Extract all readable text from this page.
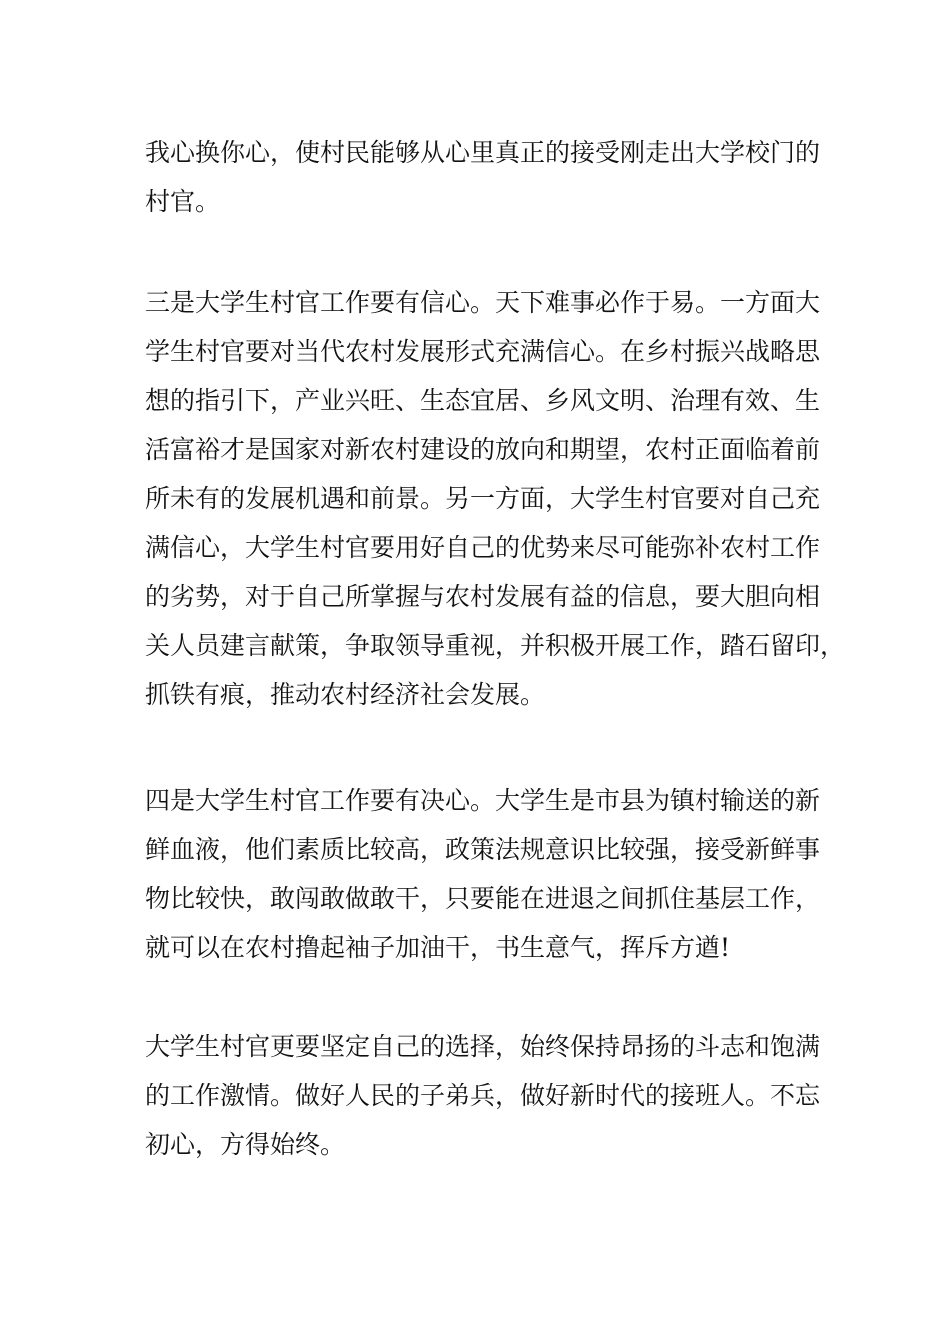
我心换你心，使村民能够从心里真正的接受刚走出大学校门的
村官。

三是大学生村官工作要有信心。天下难事必作于易。一方面大
学生村官要对当代农村发展形式充满信心。在乡村振兴战略思
想的指引下，产业兴旺、生态宜居、乡风文明、治理有效、生
活富裕才是国家对新农村建设的放向和期望，农村正面临着前
所未有的发展机遇和前景。另一方面，大学生村官要对自己充
满信心，大学生村官要用好自己的优势来尽可能弥补农村工作
的劣势，对于自己所掌握与农村发展有益的信息，要大胆向相
关人员建言献策，争取领导重视，并积极开展工作，踏石留印，
抓铁有痕，推动农村经济社会发展。

四是大学生村官工作要有决心。大学生是市县为镇村输送的新
鲜血液，他们素质比较高，政策法规意识比较强，接受新鲜事
物比较快，敢闯敢做敢干，只要能在进退之间抓住基层工作，
就可以在农村撸起袖子加油干，书生意气，挥斥方遒!

大学生村官更要坚定自己的选择，始终保持昂扬的斗志和饱满
的工作激情。做好人民的子弟兵，做好新时代的接班人。不忘
初心，方得始终。
